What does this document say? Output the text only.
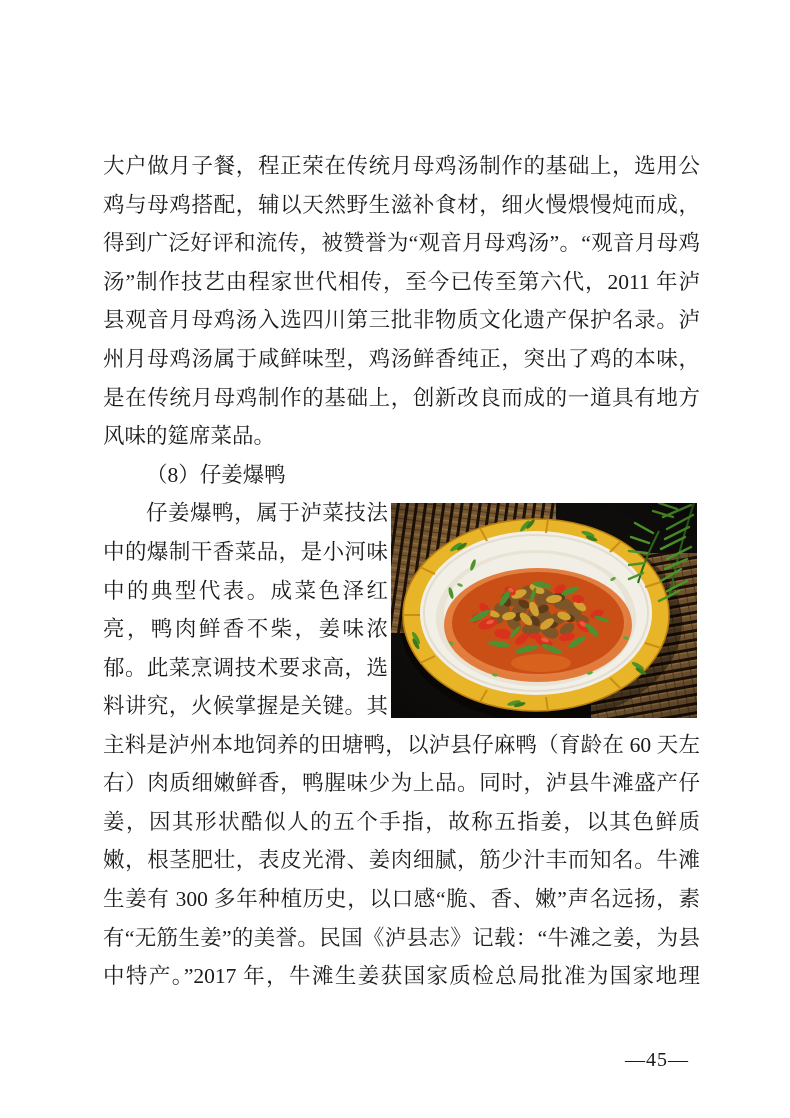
大户做月子餐，程正荣在传统月母鸡汤制作的基础上，选用公
鸡与母鸡搭配，辅以天然野生滋补食材，细火慢煨慢炖而成，
得到广泛好评和流传，被赞誉为“观音月母鸡汤”。“观音月母鸡
汤”制作技艺由程家世代相传，至今已传至第六代，2011 年泸
县观音月母鸡汤入选四川第三批非物质文化遗产保护名录。泸
州月母鸡汤属于咸鲜味型，鸡汤鲜香纯正，突出了鸡的本味，
是在传统月母鸡制作的基础上，创新改良而成的一道具有地方
风味的筵席菜品。
（8）仔姜爆鸭
仔姜爆鸭，属于泸菜技法
中的爆制干香菜品，是小河味
中的典型代表。成菜色泽红
亮，鸭肉鲜香不柴，姜味浓
郁。此菜烹调技术要求高，选
料讲究，火候掌握是关键。其
主料是泸州本地饲养的田塘鸭，以泸县仔麻鸭（育龄在 60 天左
右）肉质细嫩鲜香，鸭腥味少为上品。同时，泸县牛滩盛产仔
姜，因其形状酷似人的五个手指，故称五指姜，以其色鲜质
嫩，根茎肥壮，表皮光滑、姜肉细腻，筋少汁丰而知名。牛滩
生姜有 300 多年种植历史，以口感“脆、香、嫩”声名远扬，素
有“无筋生姜”的美誉。民国《泸县志》记载：“牛滩之姜，为县
中特产。”2017 年，牛滩生姜获国家质检总局批准为国家地理
—45—
